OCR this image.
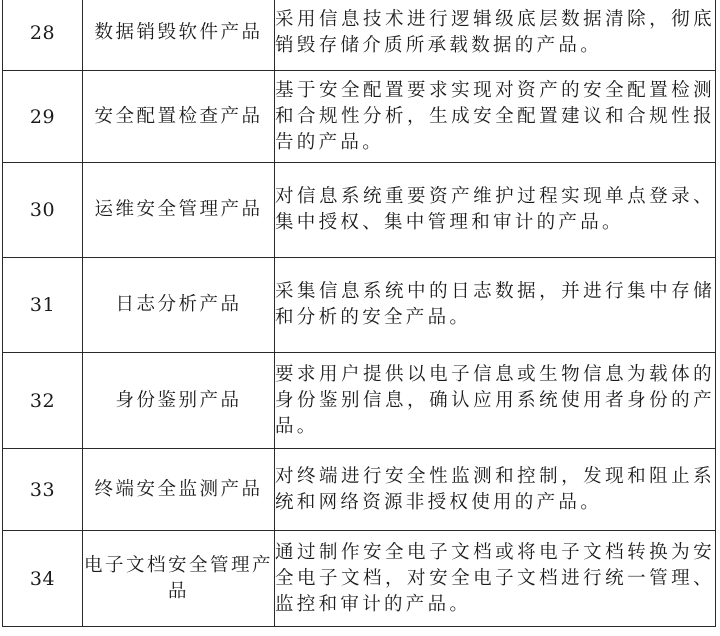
28	数据销毁软件产品	采用信息技术进行逻辑级底层数据清除，彻底销毁存储介质所承载数据的产品。
29	安全配置检查产品	基于安全配置要求实现对资产的安全配置检测和合规性分析，生成安全配置建议和合规性报告的产品。
30	运维安全管理产品	对信息系统重要资产维护过程实现单点登录、集中授权、集中管理和审计的产品。
31	日志分析产品	采集信息系统中的日志数据，并进行集中存储和分析的安全产品。
32	身份鉴别产品	要求用户提供以电子信息或生物信息为载体的身份鉴别信息，确认应用系统使用者身份的产品。
33	终端安全监测产品	对终端进行安全性监测和控制，发现和阻止系统和网络资源非授权使用的产品。
34	电子文档安全管理产品	通过制作安全电子文档或将电子文档转换为安全电子文档，对安全电子文档进行统一管理、监控和审计的产品。
